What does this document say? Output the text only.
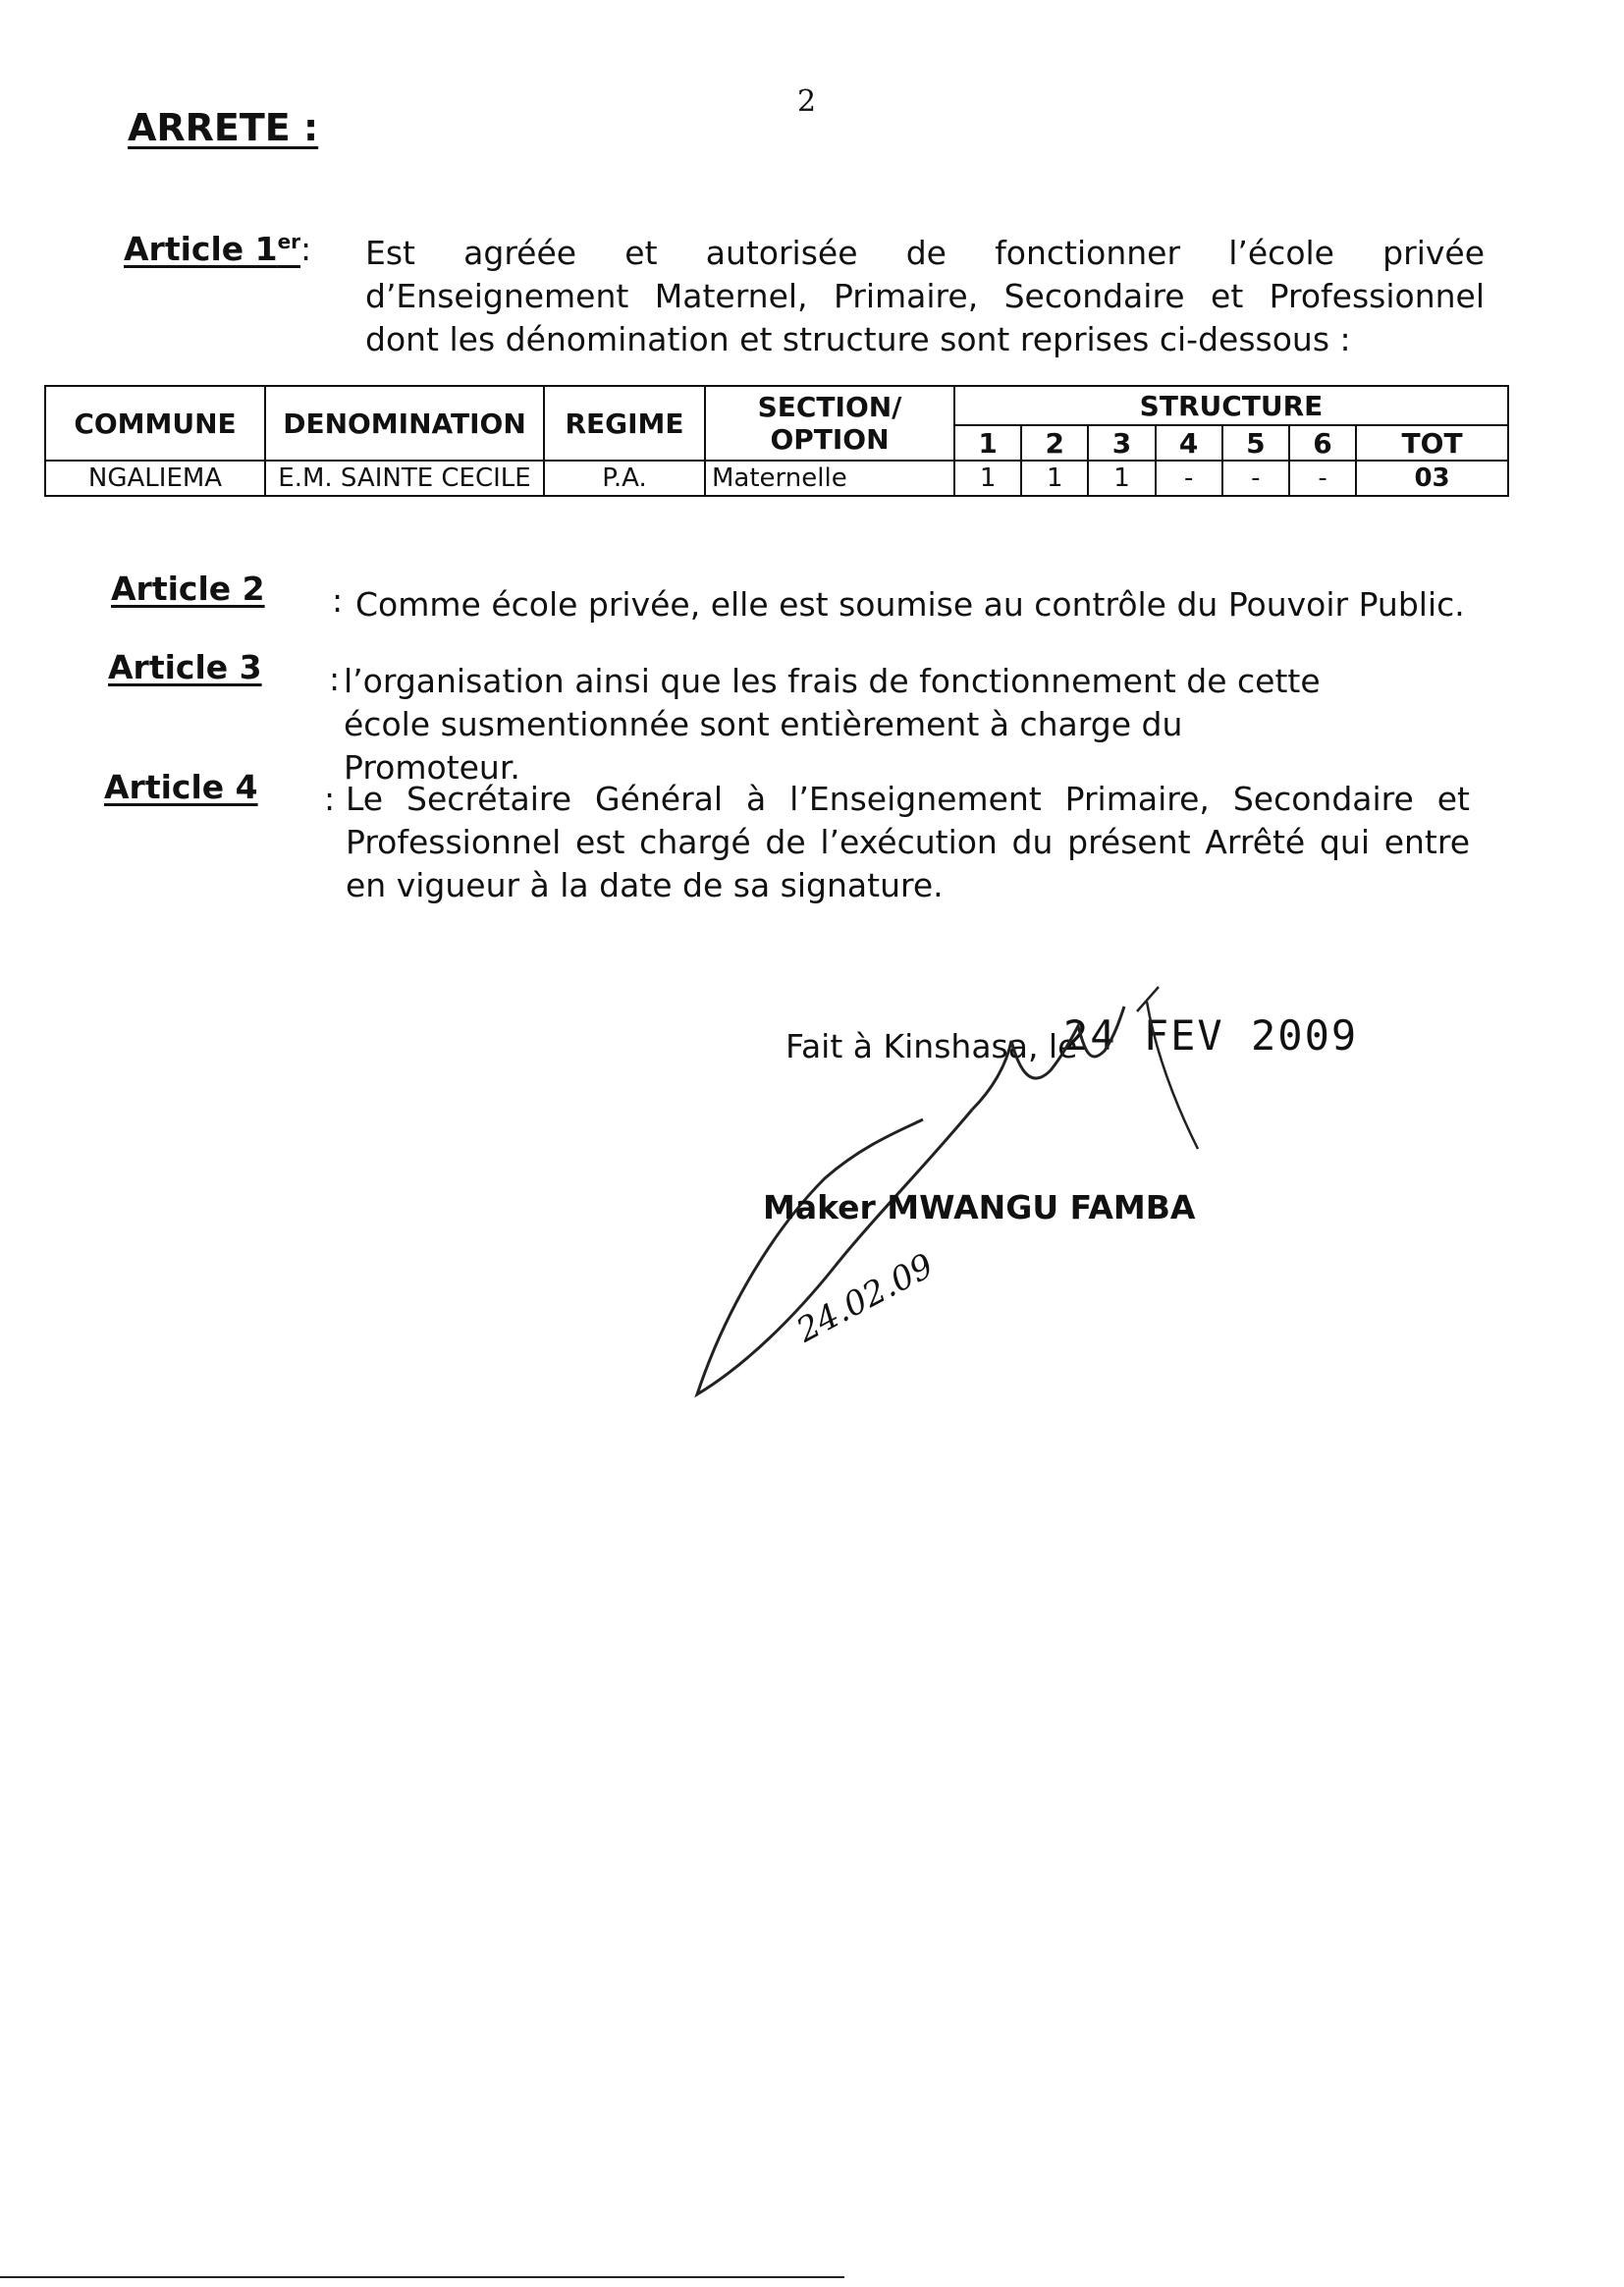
2
ARRETE :
Article 1er : Est agréée et autorisée de fonctionner l’école privée d’Enseignement Maternel, Primaire, Secondaire et Professionnel dont les dénomination et structure sont reprises ci-dessous :
COMMUNE	DENOMINATION	REGIME	SECTION/ OPTION	STRUCTURE						
				1	2	3	4	5	6	TOT
NGALIEMA	E.M. SAINTE CECILE	P.A.	Maternelle	1	1	1	-	-	-	03
Article 2 : Comme école privée, elle est soumise au contrôle du Pouvoir Public.
Article 3 : l’organisation ainsi que les frais de fonctionnement de cette école susmentionnée sont entièrement à charge du Promoteur.
Article 4 : Le Secrétaire Général à l’Enseignement Primaire, Secondaire et Professionnel est chargé de l’exécution du présent Arrêté qui entre en vigueur à la date de sa signature.
Fait à Kinshasa, le
24 FEV 2009
24.02.09
Maker MWANGU FAMBA
